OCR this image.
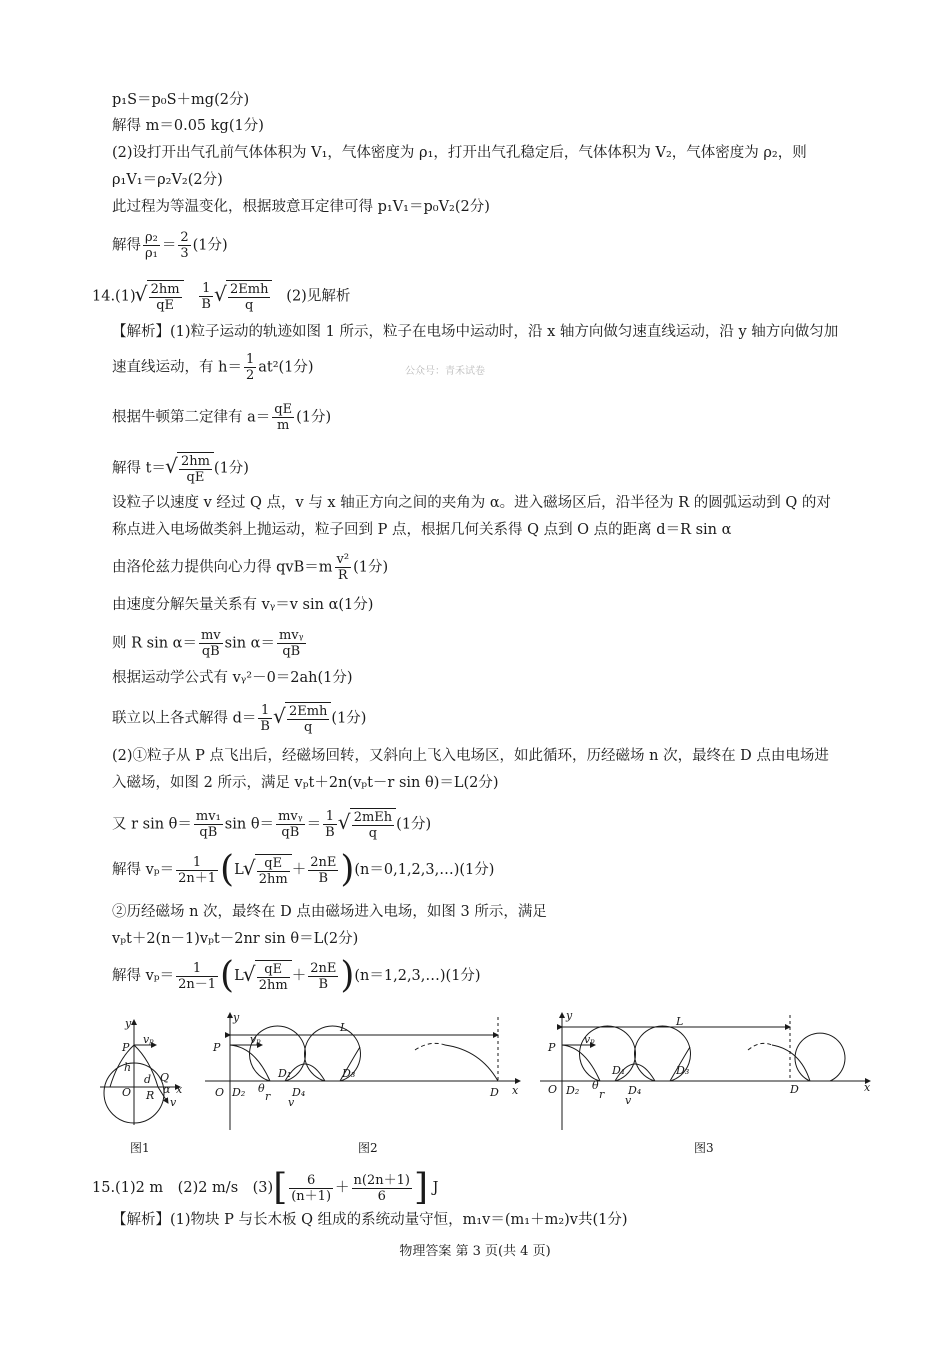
p₁S＝p₀S＋mg(2分)
解得 m＝0.05 kg(1分)
(2)设打开出气孔前气体体积为 V₁，气体密度为 ρ₁，打开出气孔稳定后，气体体积为 V₂，气体密度为 ρ₂，则
ρ₁V₁＝ρ₂V₂(2分)
此过程为等温变化，根据玻意耳定律可得 p₁V₁＝p₀V₂(2分)
解得 $\frac{\text{ρ₂}}{\text{ρ₁}} = \frac{2}{3} (1$分)
14.(1) √ $\frac{2hm}{qE}$
$\frac{1}{B}$ √ $\frac{\text{2Emh}}{q} (2)$见解析
【解析】(1)粒子运动的轨迹如图 1 所示，粒子在电场中运动时，沿 x 轴方向做匀速直线运动，沿 y 轴方向做匀加
速直线运动，有 $h= \frac{1}{2} at^2(1$分)	公众号：青禾试卷
根据牛顿第二定律有 $a= \frac{qE}{m} (1$分)
解得 t＝ √ $\frac{2hm}{qE} (1$分)
设粒子以速度 v 经过 Q 点，v 与 x 轴正方向之间的夹角为 α。进入磁场区后，沿半径为 R 的圆弧运动到 Q 的对
称点进入电场做类斜上抛运动，粒子回到 P 点，根据几何关系得 Q 点到 O 点的距离 d＝R sin α
由洛伦兹力提供向心力得 $qvB=m \frac{\text{v²}}{R} (1$分)
由速度分解矢量关系有 vᵧ＝v sin α(1分)
则 R $\sin \alpha= \frac{mv}{qB}$ $\sin \alpha= \frac{\text{mvᵧ}}{qB}$
根据运动学公式有 vᵧ²－0＝2ah(1分)
联立以上各式解得 $d= \frac{1}{B}$ √ $\frac{\text{2Emh}}{q} (1$分)
(2)①粒子从 P 点飞出后，经磁场回转，又斜向上飞入电场区，如此循环，历经磁场 n 次，最终在 D 点由电场进
入磁场，如图 2 所示，满足 vₚt＋2n(vₚt－r sin θ)＝L(2分)
又 r $\sin \theta= \frac{\text{mv₁}}{qB}$ $\sin \theta= \frac{\text{mvᵧ}}{qB} = \frac{1}{B}$ √ $\frac{\text{2mEh}}{q} (1$分)
解得 $v_p= \frac{1}{2n+1} (L$ √ $\frac{qE}{2hm} + \frac{2nE}{B}$ )(n＝0,1,2,3,…)(1分)
②历经磁场 n 次，最终在 D 点由磁场进入电场，如图 3 所示，满足
vₚt＋2(n－1)vₚt－2nr sin θ＝L(2分)
解得 $v_p= \frac{1}{2n-1} (L$ √ $\frac{qE}{2hm} + \frac{2nE}{B}$ )(n＝1,2,3,…)(1分)
y
P
vₚ
h
O
Q
d
R α x
v
y
P
vₚ
L
O D₂ θ
r
D₁
D₄
v
D₃
D x
y
P
vₚ
L
O D₂ θ
r
D₁
D₄
v
D₃
D	x
图1	图2	图3
15.(1)2 m　(2)2 m/s　$(3)[ \frac{6}{(n+1)} + \frac{n(2n+1)}{6}$ ] J
【解析】(1)物块 P 与长木板 Q 组成的系统动量守恒，m₁v＝(m₁＋m₂)v共(1分)
物理答案 第 3 页(共 4 页)
